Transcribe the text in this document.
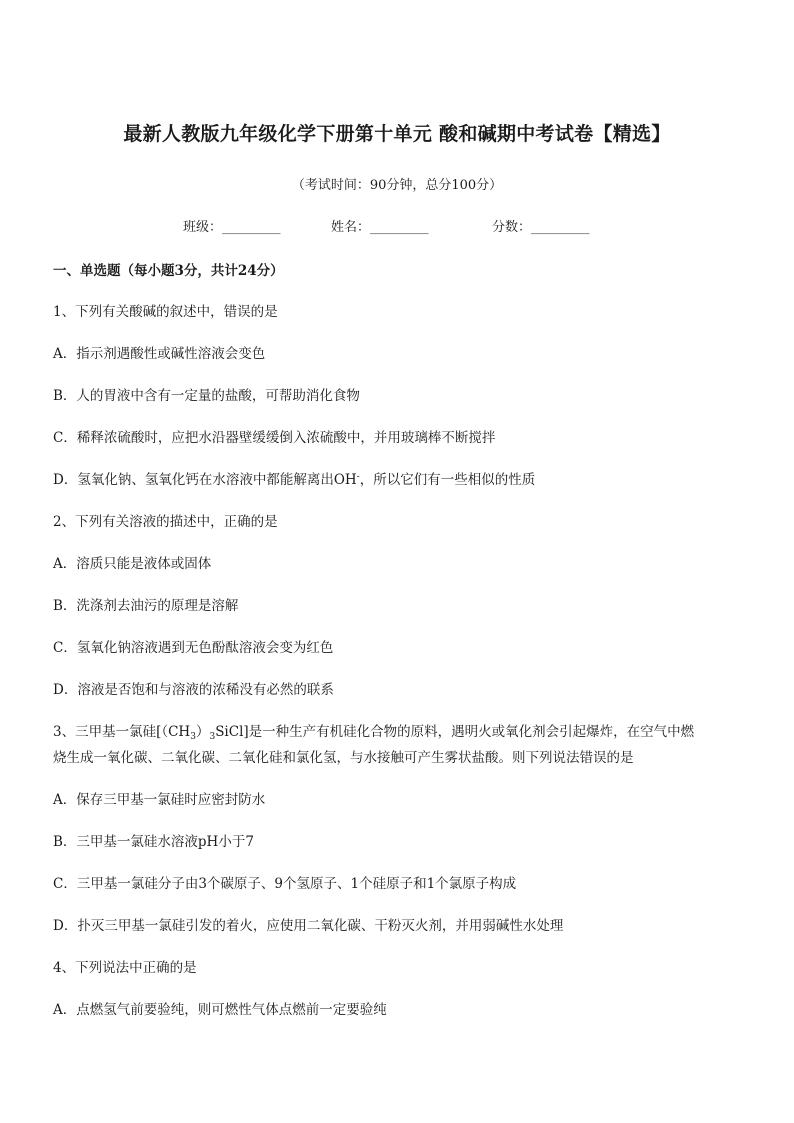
最新人教版九年级化学下册第十单元 酸和碱期中考试卷【精选】
（考试时间：90分钟，总分100分）
班级：_________	姓名：_________	分数：_________
一、单选题（每小题3分，共计24分）
1、下列有关酸碱的叙述中，错误的是
A．指示剂遇酸性或碱性溶液会变色
B．人的胃液中含有一定量的盐酸，可帮助消化食物
C．稀释浓硫酸时，应把水沿器壁缓缓倒入浓硫酸中，并用玻璃棒不断搅拌
D．氢氧化钠、氢氧化钙在水溶液中都能解离出OH-，所以它们有一些相似的性质
2、下列有关溶液的描述中，正确的是
A．溶质只能是液体或固体
B．洗涤剂去油污的原理是溶解
C．氢氧化钠溶液遇到无色酚酞溶液会变为红色
D．溶液是否饱和与溶液的浓稀没有必然的联系
3、三甲基一氯硅$[(CH_3)_3SiCl]$是一种生产有机硅化合物的原料，遇明火或氧化剂会引起爆炸，在空气中燃
烧生成一氧化碳、二氧化碳、二氧化硅和氯化氢，与水接触可产生雾状盐酸。则下列说法错误的是
A．保存三甲基一氯硅时应密封防水
B．三甲基一氯硅水溶液pH小于7
C．三甲基一氯硅分子由3个碳原子、9个氢原子、1个硅原子和1个氯原子构成
D．扑灭三甲基一氯硅引发的着火，应使用二氧化碳、干粉灭火剂，并用弱碱性水处理
4、下列说法中正确的是
A．点燃氢气前要验纯，则可燃性气体点燃前一定要验纯
